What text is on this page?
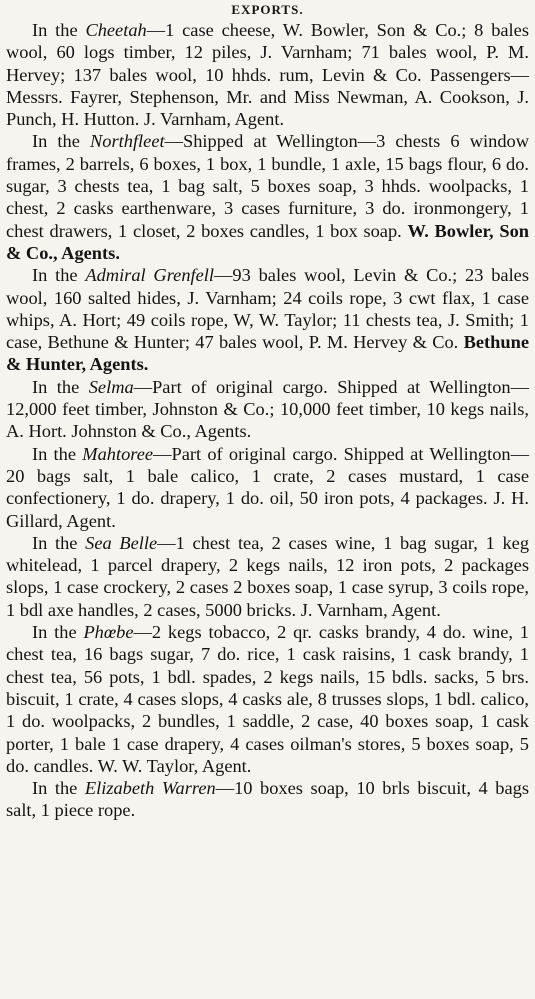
EXPORTS.

In the Cheetah—1 case cheese, W. Bowler, Son & Co.; 8 bales wool, 60 logs timber, 12 piles, J. Varnham; 71 bales wool, P. M. Hervey; 137 bales wool, 10 hhds. rum, Levin & Co. Passengers—Messrs. Fayrer, Stephenson, Mr. and Miss Newman, A. Cookson, J. Punch, H. Hutton. J. Varnham, Agent.

In the Northfleet—Shipped at Wellington—3 chests 6 window frames, 2 barrels, 6 boxes, 1 box, 1 bundle, 1 axle, 15 bags flour, 6 do. sugar, 3 chests tea, 1 bag salt, 5 boxes soap, 3 hhds. woolpacks, 1 chest, 2 casks earthenware, 3 cases furniture, 3 do. ironmongery, 1 chest drawers, 1 closet, 2 boxes candles, 1 box soap. W. Bowler, Son & Co., Agents.

In the Admiral Grenfell—93 bales wool, Levin & Co.; 23 bales wool, 160 salted hides, J. Varnham; 24 coils rope, 3 cwt flax, 1 case whips, A. Hort; 49 coils rope, W, W. Taylor; 11 chests tea, J. Smith; 1 case, Bethune & Hunter; 47 bales wool, P. M. Hervey & Co. Bethune & Hunter, Agents.

In the Selma—Part of original cargo. Shipped at Wellington—12,000 feet timber, Johnston & Co.; 10,000 feet timber, 10 kegs nails, A. Hort. Johnston & Co., Agents.

In the Mahtoree—Part of original cargo. Shipped at Wellington—20 bags salt, 1 bale calico, 1 crate, 2 cases mustard, 1 case confectionery, 1 do. drapery, 1 do. oil, 50 iron pots, 4 packages. J. H. Gillard, Agent.

In the Sea Belle—1 chest tea, 2 cases wine, 1 bag sugar, 1 keg whitelead, 1 parcel drapery, 2 kegs nails, 12 iron pots, 2 packages slops, 1 case crockery, 2 cases 2 boxes soap, 1 case syrup, 3 coils rope, 1 bdl axe handles, 2 cases, 5000 bricks. J. Varnham, Agent.

In the Phœbe—2 kegs tobacco, 2 qr. casks brandy, 4 do. wine, 1 chest tea, 16 bags sugar, 7 do. rice, 1 cask raisins, 1 cask brandy, 1 chest tea, 56 pots, 1 bdl. spades, 2 kegs nails, 15 bdls. sacks, 5 brs. biscuit, 1 crate, 4 cases slops, 4 casks ale, 8 trusses slops, 1 bdl. calico, 1 do. woolpacks, 2 bundles, 1 saddle, 2 case, 40 boxes soap, 1 cask porter, 1 bale 1 case drapery, 4 cases oilman's stores, 5 boxes soap, 5 do. candles. W. W. Taylor, Agent.

In the Elizabeth Warren—10 boxes soap, 10 brls biscuit, 4 bags salt, 1 piece rope.
